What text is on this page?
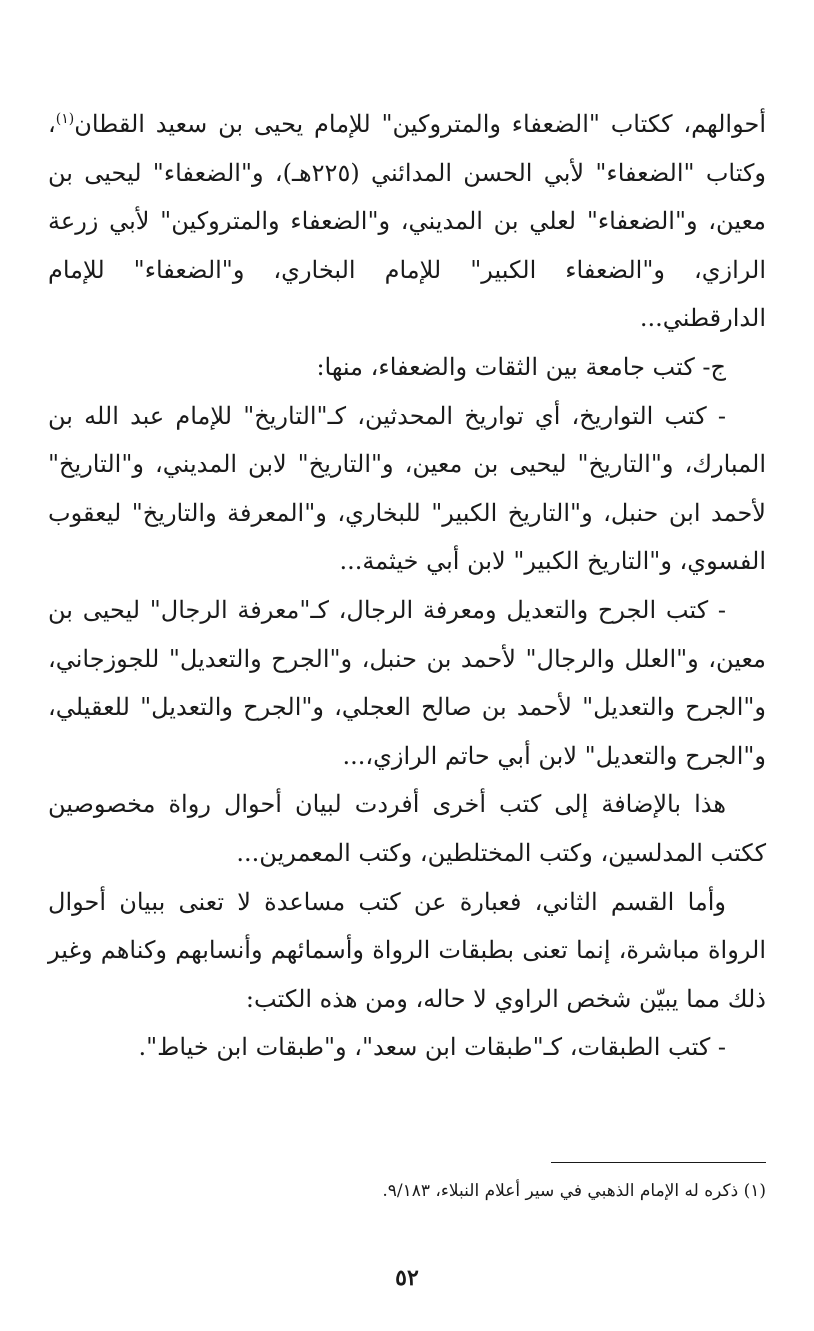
أحوالهم، ككتاب "الضعفاء والمتروكين" للإمام يحيى بن سعيد القطان$^{(١)}$، وكتاب "الضعفاء" لأبي الحسن المدائني (٢٢٥هـ)، و"الضعفاء" ليحيى بن معين، و"الضعفاء" لعلي بن المديني، و"الضعفاء والمتروكين" لأبي زرعة الرازي، و"الضعفاء الكبير" للإمام البخاري، و"الضعفاء" للإمام الدارقطني...

ج- كتب جامعة بين الثقات والضعفاء، منها:

- كتب التواريخ، أي تواريخ المحدثين، كـ"التاريخ" للإمام عبد الله بن المبارك، و"التاريخ" ليحيى بن معين، و"التاريخ" لابن المديني، و"التاريخ" لأحمد ابن حنبل، و"التاريخ الكبير" للبخاري، و"المعرفة والتاريخ" ليعقوب الفسوي، و"التاريخ الكبير" لابن أبي خيثمة...

- كتب الجرح والتعديل ومعرفة الرجال، كـ"معرفة الرجال" ليحيى بن معين، و"العلل والرجال" لأحمد بن حنبل، و"الجرح والتعديل" للجوزجاني، و"الجرح والتعديل" لأحمد بن صالح العجلي، و"الجرح والتعديل" للعقيلي، و"الجرح والتعديل" لابن أبي حاتم الرازي،...

هذا بالإضافة إلى كتب أخرى أفردت لبيان أحوال رواة مخصوصين ككتب المدلسين، وكتب المختلطين، وكتب المعمرين...

وأما القسم الثاني، فعبارة عن كتب مساعدة لا تعنى ببيان أحوال الرواة مباشرة، إنما تعنى بطبقات الرواة وأسمائهم وأنسابهم وكناهم وغير ذلك مما يبيّن شخص الراوي لا حاله، ومن هذه الكتب:

- كتب الطبقات، كـ"طبقات ابن سعد"، و"طبقات ابن خياط".

(١) ذكره له الإمام الذهبي في سير أعلام النبلاء، ٩/١٨٣.
٥٢
